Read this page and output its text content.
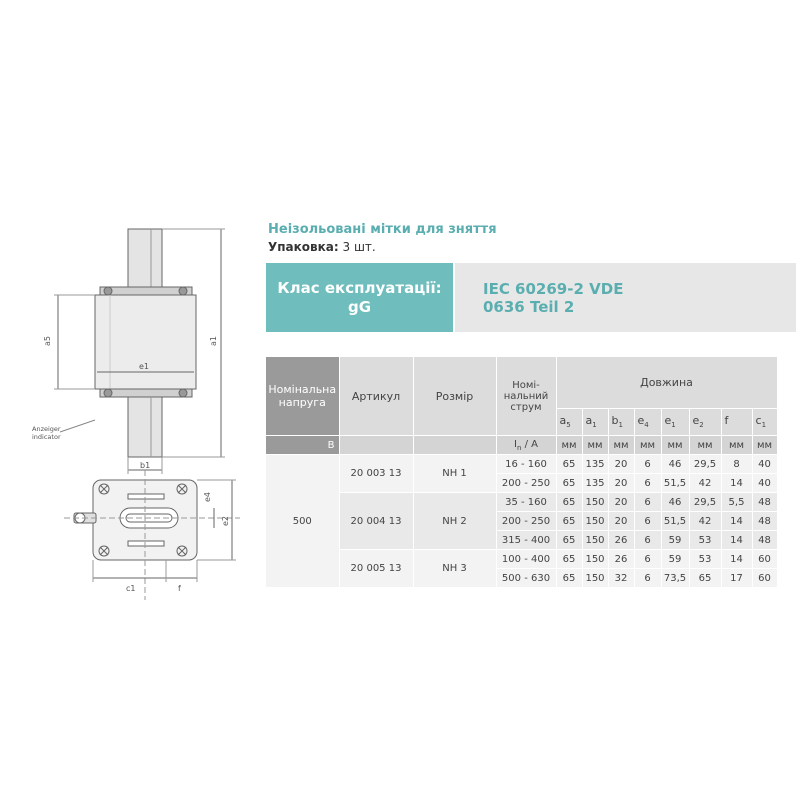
a5	a1
e1
b1
Anzeiger
indicator
e4
e2
c1	f
Неізольовані мітки для зняття
Упаковка: 3 шт.
Клас експлуатації:
gG
IEC 60269-2 VDE
0636 Teil 2
Номінальна
напруга	Артикул	Розмір	Номі-
нальний
струм	Довжина							
				$a_5$	$a_1$	$b_1$	$e_4$	$e_1$	$e_2$	f	$c_1$
В			$I_n$ / А	мм	мм	мм	мм	мм	мм	мм	мм
500	20 003 13	NH 1	16 - 160	65	135	20	6	46	29,5	8	40
			200 - 250	65	135	20	6	51,5	42	14	40
	20 004 13	NH 2	35 - 160	65	150	20	6	46	29,5	5,5	48
			200 - 250	65	150	20	6	51,5	42	14	48
			315 - 400	65	150	26	6	59	53	14	48
	20 005 13	NH 3	100 - 400	65	150	26	6	59	53	14	60
			500 - 630	65	150	32	6	73,5	65	17	60
